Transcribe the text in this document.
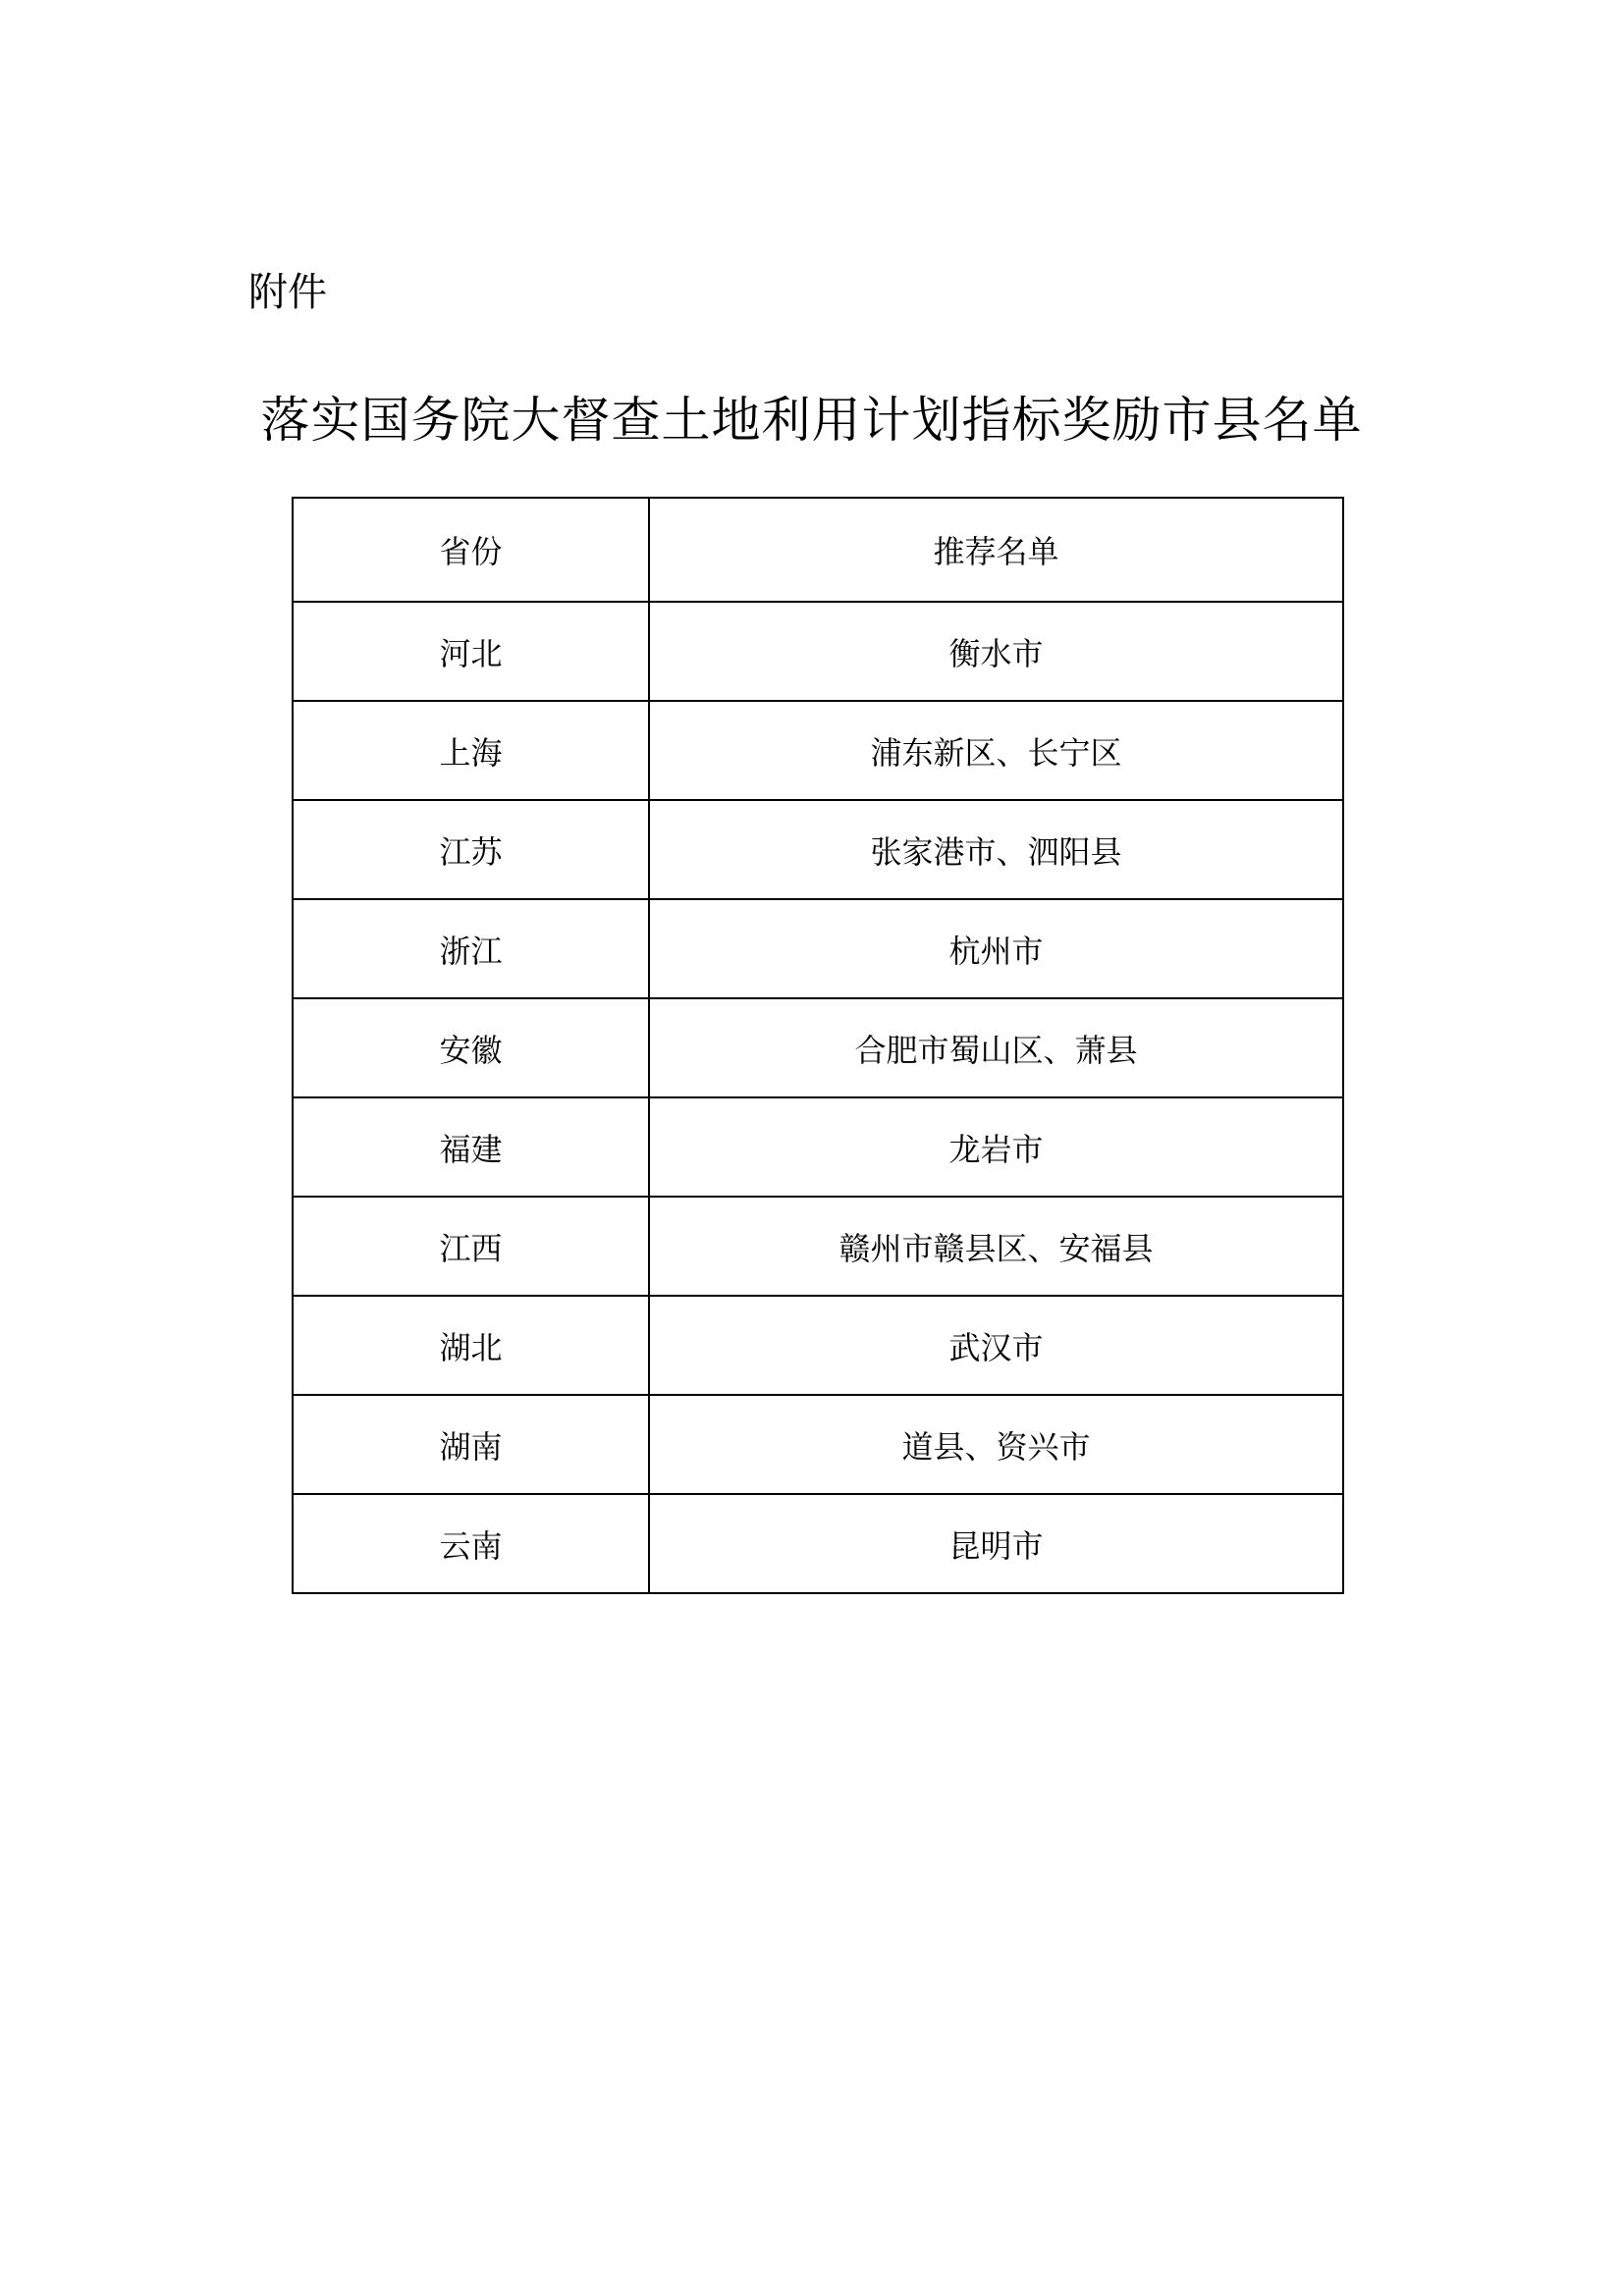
附件
落实国务院大督查土地利用计划指标奖励市县名单
省份	推荐名单
河北	衡水市
上海	浦东新区、长宁区
江苏	张家港市、泗阳县
浙江	杭州市
安徽	合肥市蜀山区、萧县
福建	龙岩市
江西	赣州市赣县区、安福县
湖北	武汉市
湖南	道县、资兴市
云南	昆明市
